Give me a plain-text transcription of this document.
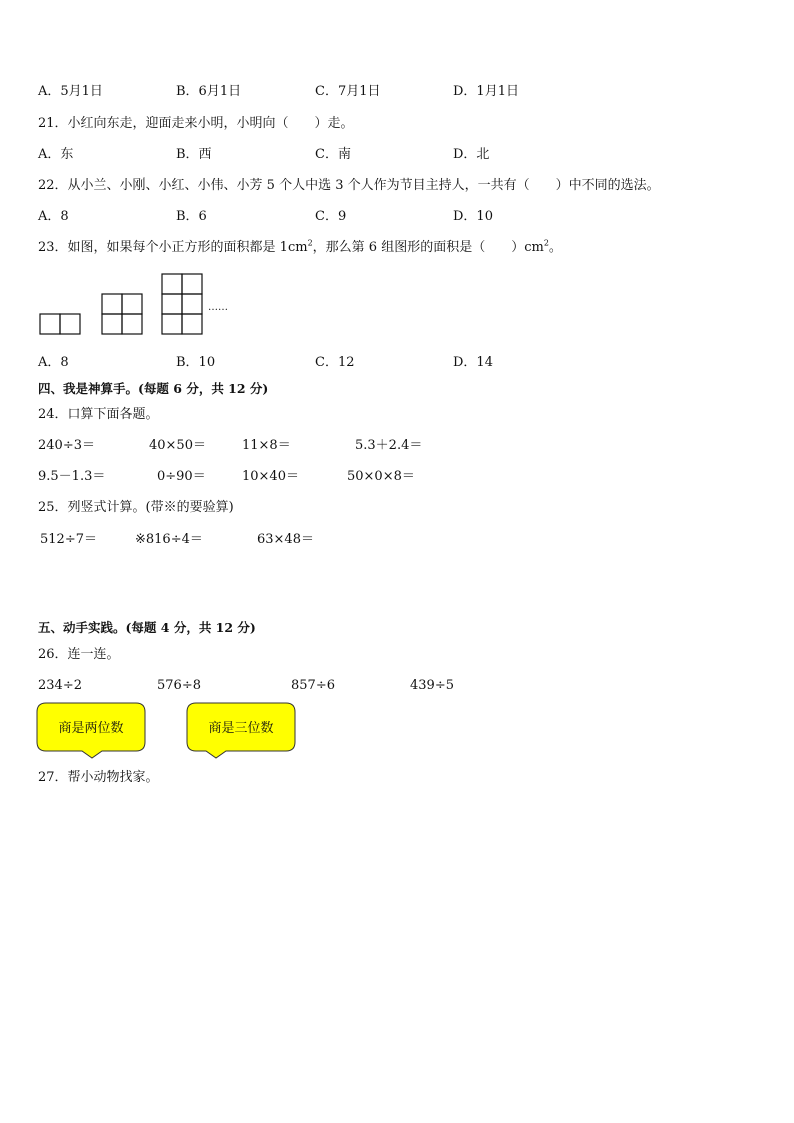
A．5月1日	B．6月1日	C．7月1日	D．1月1日
21．小红向东走，迎面走来小明，小明向（　　）走。
A．东	B．西	C．南	D．北
22．从小兰、小刚、小红、小伟、小芳 5 个人中选 3 个人作为节目主持人，一共有（　　）中不同的选法。
A．8	B．6	C．9	D．10
23．如图，如果每个小正方形的面积都是 $1cm^2$，那么第 6 组图形的面积是（　　）$cm^2$。
……
A．8	B．10	C．12	D．14
四、我是神算手。(每题 6 分，共 12 分)
24．口算下面各题。
240÷3＝	40×50＝	11×8＝	5.3＋2.4＝
9.5－1.3＝	0÷90＝	10×40＝	50×0×8＝
25．列竖式计算。(带※的要验算)
512÷7＝	※816÷4＝	63×48＝
五、动手实践。(每题 4 分，共 12 分)
26．连一连。
234÷2	576÷8	857÷6	439÷5
商是两位数	商是三位数
27．帮小动物找家。
